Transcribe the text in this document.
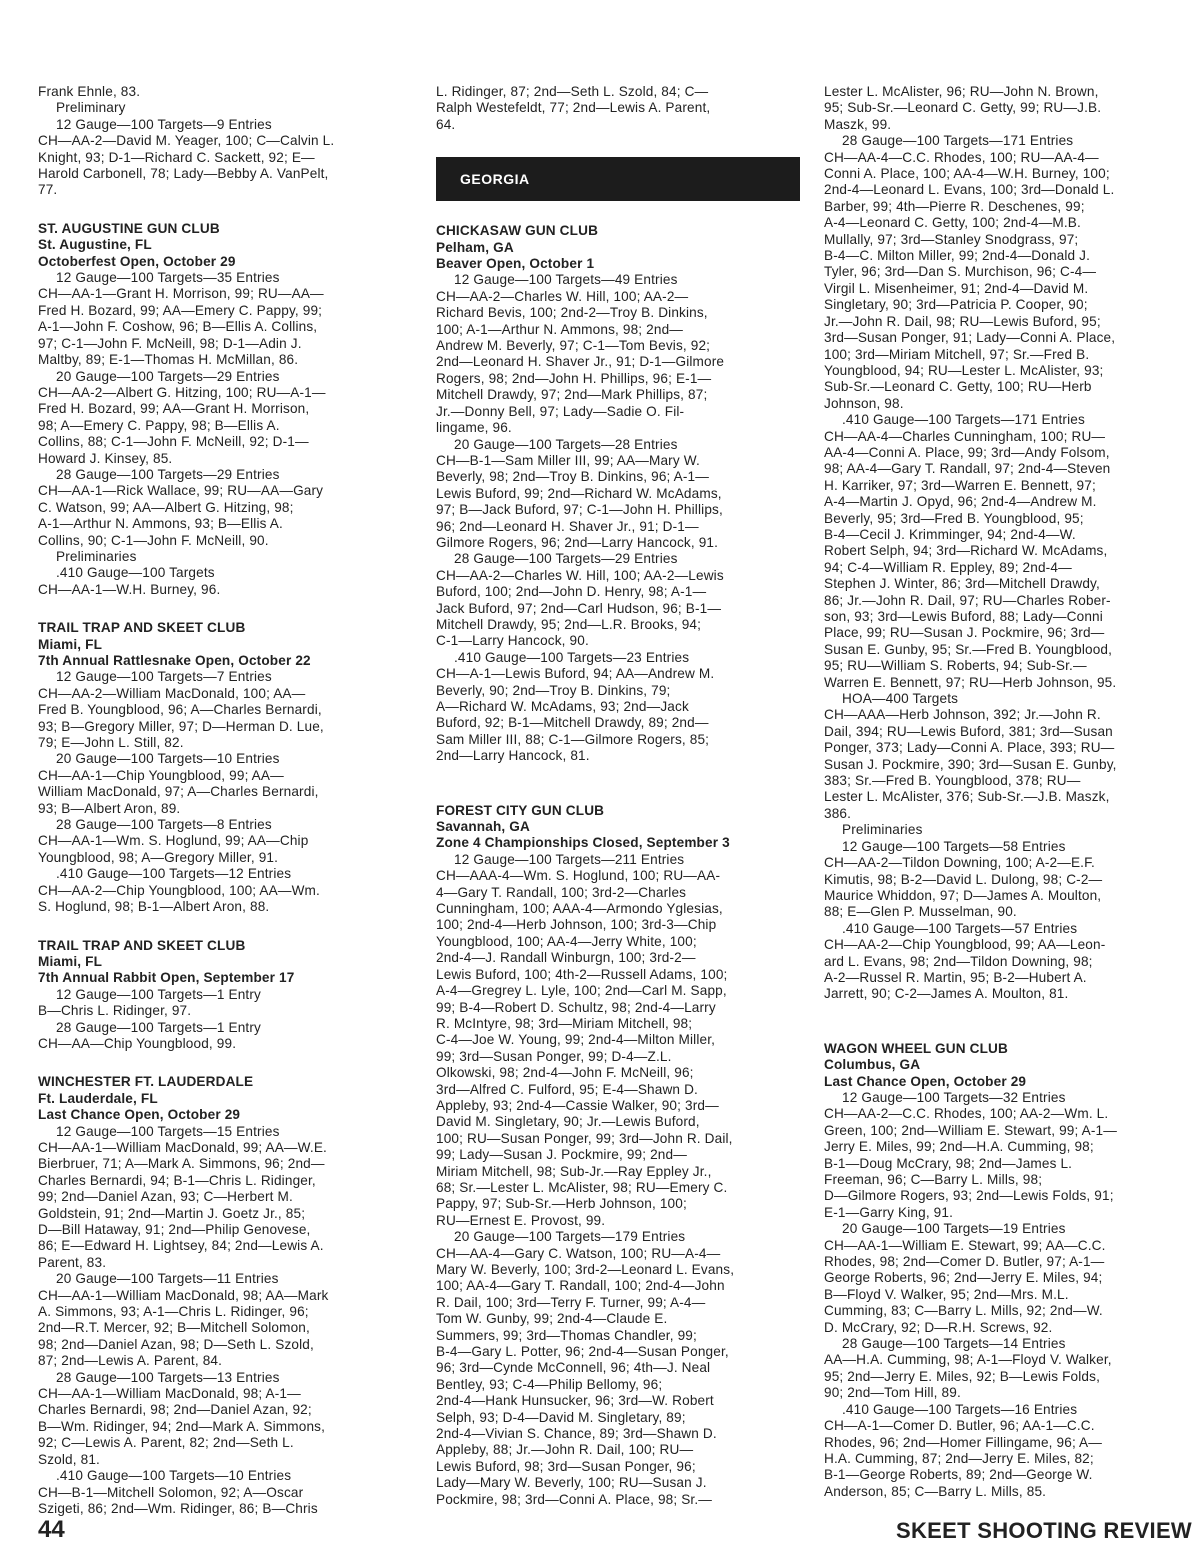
Frank Ehnle, 83.
Preliminary
12 Gauge—100 Targets—9 Entries
CH—AA-2—David M. Yeager, 100; C—Calvin L.
Knight, 93; D-1—Richard C. Sackett, 92; E—
Harold Carbonell, 78; Lady—Bebby A. VanPelt,
77.
ST. AUGUSTINE GUN CLUB
St. Augustine, FL
Octoberfest Open, October 29
12 Gauge—100 Targets—35 Entries
CH—AA-1—Grant H. Morrison, 99; RU—AA—
Fred H. Bozard, 99; AA—Emery C. Pappy, 99;
A-1—John F. Coshow, 96; B—Ellis A. Collins,
97; C-1—John F. McNeill, 98; D-1—Adin J.
Maltby, 89; E-1—Thomas H. McMillan, 86.
20 Gauge—100 Targets—29 Entries
CH—AA-2—Albert G. Hitzing, 100; RU—A-1—
Fred H. Bozard, 99; AA—Grant H. Morrison,
98; A—Emery C. Pappy, 98; B—Ellis A.
Collins, 88; C-1—John F. McNeill, 92; D-1—
Howard J. Kinsey, 85.
28 Gauge—100 Targets—29 Entries
CH—AA-1—Rick Wallace, 99; RU—AA—Gary
C. Watson, 99; AA—Albert G. Hitzing, 98;
A-1—Arthur N. Ammons, 93; B—Ellis A.
Collins, 90; C-1—John F. McNeill, 90.
Preliminaries
.410 Gauge—100 Targets
CH—AA-1—W.H. Burney, 96.
TRAIL TRAP AND SKEET CLUB
Miami, FL
7th Annual Rattlesnake Open, October 22
12 Gauge—100 Targets—7 Entries
CH—AA-2—William MacDonald, 100; AA—
Fred B. Youngblood, 96; A—Charles Bernardi,
93; B—Gregory Miller, 97; D—Herman D. Lue,
79; E—John L. Still, 82.
20 Gauge—100 Targets—10 Entries
CH—AA-1—Chip Youngblood, 99; AA—
William MacDonald, 97; A—Charles Bernardi,
93; B—Albert Aron, 89.
28 Gauge—100 Targets—8 Entries
CH—AA-1—Wm. S. Hoglund, 99; AA—Chip
Youngblood, 98; A—Gregory Miller, 91.
.410 Gauge—100 Targets—12 Entries
CH—AA-2—Chip Youngblood, 100; AA—Wm.
S. Hoglund, 98; B-1—Albert Aron, 88.
TRAIL TRAP AND SKEET CLUB
Miami, FL
7th Annual Rabbit Open, September 17
12 Gauge—100 Targets—1 Entry
B—Chris L. Ridinger, 97.
28 Gauge—100 Targets—1 Entry
CH—AA—Chip Youngblood, 99.
WINCHESTER FT. LAUDERDALE
Ft. Lauderdale, FL
Last Chance Open, October 29
12 Gauge—100 Targets—15 Entries
CH—AA-1—William MacDonald, 99; AA—W.E.
Bierbruer, 71; A—Mark A. Simmons, 96; 2nd—
Charles Bernardi, 94; B-1—Chris L. Ridinger,
99; 2nd—Daniel Azan, 93; C—Herbert M.
Goldstein, 91; 2nd—Martin J. Goetz Jr., 85;
D—Bill Hataway, 91; 2nd—Philip Genovese,
86; E—Edward H. Lightsey, 84; 2nd—Lewis A.
Parent, 83.
20 Gauge—100 Targets—11 Entries
CH—AA-1—William MacDonald, 98; AA—Mark
A. Simmons, 93; A-1—Chris L. Ridinger, 96;
2nd—R.T. Mercer, 92; B—Mitchell Solomon,
98; 2nd—Daniel Azan, 98; D—Seth L. Szold,
87; 2nd—Lewis A. Parent, 84.
28 Gauge—100 Targets—13 Entries
CH—AA-1—William MacDonald, 98; A-1—
Charles Bernardi, 98; 2nd—Daniel Azan, 92;
B—Wm. Ridinger, 94; 2nd—Mark A. Simmons,
92; C—Lewis A. Parent, 82; 2nd—Seth L.
Szold, 81.
.410 Gauge—100 Targets—10 Entries
CH—B-1—Mitchell Solomon, 92; A—Oscar
Szigeti, 86; 2nd—Wm. Ridinger, 86; B—Chris
L. Ridinger, 87; 2nd—Seth L. Szold, 84; C—
Ralph Westefeldt, 77; 2nd—Lewis A. Parent,
64.
GEORGIA
CHICKASAW GUN CLUB
Pelham, GA
Beaver Open, October 1
12 Gauge—100 Targets—49 Entries
CH—AA-2—Charles W. Hill, 100; AA-2—
Richard Bevis, 100; 2nd-2—Troy B. Dinkins,
100; A-1—Arthur N. Ammons, 98; 2nd—
Andrew M. Beverly, 97; C-1—Tom Bevis, 92;
2nd—Leonard H. Shaver Jr., 91; D-1—Gilmore
Rogers, 98; 2nd—John H. Phillips, 96; E-1—
Mitchell Drawdy, 97; 2nd—Mark Phillips, 87;
Jr.—Donny Bell, 97; Lady—Sadie O. Fil-
lingame, 96.
20 Gauge—100 Targets—28 Entries
CH—B-1—Sam Miller III, 99; AA—Mary W.
Beverly, 98; 2nd—Troy B. Dinkins, 96; A-1—
Lewis Buford, 99; 2nd—Richard W. McAdams,
97; B—Jack Buford, 97; C-1—John H. Phillips,
96; 2nd—Leonard H. Shaver Jr., 91; D-1—
Gilmore Rogers, 96; 2nd—Larry Hancock, 91.
28 Gauge—100 Targets—29 Entries
CH—AA-2—Charles W. Hill, 100; AA-2—Lewis
Buford, 100; 2nd—John D. Henry, 98; A-1—
Jack Buford, 97; 2nd—Carl Hudson, 96; B-1—
Mitchell Drawdy, 95; 2nd—L.R. Brooks, 94;
C-1—Larry Hancock, 90.
.410 Gauge—100 Targets—23 Entries
CH—A-1—Lewis Buford, 94; AA—Andrew M.
Beverly, 90; 2nd—Troy B. Dinkins, 79;
A—Richard W. McAdams, 93; 2nd—Jack
Buford, 92; B-1—Mitchell Drawdy, 89; 2nd—
Sam Miller III, 88; C-1—Gilmore Rogers, 85;
2nd—Larry Hancock, 81.
FOREST CITY GUN CLUB
Savannah, GA
Zone 4 Championships Closed, September 3
12 Gauge—100 Targets—211 Entries
CH—AAA-4—Wm. S. Hoglund, 100; RU—AA-
4—Gary T. Randall, 100; 3rd-2—Charles
Cunningham, 100; AAA-4—Armondo Yglesias,
100; 2nd-4—Herb Johnson, 100; 3rd-3—Chip
Youngblood, 100; AA-4—Jerry White, 100;
2nd-4—J. Randall Winburgn, 100; 3rd-2—
Lewis Buford, 100; 4th-2—Russell Adams, 100;
A-4—Gregrey L. Lyle, 100; 2nd—Carl M. Sapp,
99; B-4—Robert D. Schultz, 98; 2nd-4—Larry
R. McIntyre, 98; 3rd—Miriam Mitchell, 98;
C-4—Joe W. Young, 99; 2nd-4—Milton Miller,
99; 3rd—Susan Ponger, 99; D-4—Z.L.
Olkowski, 98; 2nd-4—John F. McNeill, 96;
3rd—Alfred C. Fulford, 95; E-4—Shawn D.
Appleby, 93; 2nd-4—Cassie Walker, 90; 3rd—
David M. Singletary, 90; Jr.—Lewis Buford,
100; RU—Susan Ponger, 99; 3rd—John R. Dail,
99; Lady—Susan J. Pockmire, 99; 2nd—
Miriam Mitchell, 98; Sub-Jr.—Ray Eppley Jr.,
68; Sr.—Lester L. McAlister, 98; RU—Emery C.
Pappy, 97; Sub-Sr.—Herb Johnson, 100;
RU—Ernest E. Provost, 99.
20 Gauge—100 Targets—179 Entries
CH—AA-4—Gary C. Watson, 100; RU—A-4—
Mary W. Beverly, 100; 3rd-2—Leonard L. Evans,
100; AA-4—Gary T. Randall, 100; 2nd-4—John
R. Dail, 100; 3rd—Terry F. Turner, 99; A-4—
Tom W. Gunby, 99; 2nd-4—Claude E.
Summers, 99; 3rd—Thomas Chandler, 99;
B-4—Gary L. Potter, 96; 2nd-4—Susan Ponger,
96; 3rd—Cynde McConnell, 96; 4th—J. Neal
Bentley, 93; C-4—Philip Bellomy, 96;
2nd-4—Hank Hunsucker, 96; 3rd—W. Robert
Selph, 93; D-4—David M. Singletary, 89;
2nd-4—Vivian S. Chance, 89; 3rd—Shawn D.
Appleby, 88; Jr.—John R. Dail, 100; RU—
Lewis Buford, 98; 3rd—Susan Ponger, 96;
Lady—Mary W. Beverly, 100; RU—Susan J.
Pockmire, 98; 3rd—Conni A. Place, 98; Sr.—
Lester L. McAlister, 96; RU—John N. Brown,
95; Sub-Sr.—Leonard C. Getty, 99; RU—J.B.
Maszk, 99.
28 Gauge—100 Targets—171 Entries
CH—AA-4—C.C. Rhodes, 100; RU—AA-4—
Conni A. Place, 100; AA-4—W.H. Burney, 100;
2nd-4—Leonard L. Evans, 100; 3rd—Donald L.
Barber, 99; 4th—Pierre R. Deschenes, 99;
A-4—Leonard C. Getty, 100; 2nd-4—M.B.
Mullally, 97; 3rd—Stanley Snodgrass, 97;
B-4—C. Milton Miller, 99; 2nd-4—Donald J.
Tyler, 96; 3rd—Dan S. Murchison, 96; C-4—
Virgil L. Misenheimer, 91; 2nd-4—David M.
Singletary, 90; 3rd—Patricia P. Cooper, 90;
Jr.—John R. Dail, 98; RU—Lewis Buford, 95;
3rd—Susan Ponger, 91; Lady—Conni A. Place,
100; 3rd—Miriam Mitchell, 97; Sr.—Fred B.
Youngblood, 94; RU—Lester L. McAlister, 93;
Sub-Sr.—Leonard C. Getty, 100; RU—Herb
Johnson, 98.
.410 Gauge—100 Targets—171 Entries
CH—AA-4—Charles Cunningham, 100; RU—
AA-4—Conni A. Place, 99; 3rd—Andy Folsom,
98; AA-4—Gary T. Randall, 97; 2nd-4—Steven
H. Karriker, 97; 3rd—Warren E. Bennett, 97;
A-4—Martin J. Opyd, 96; 2nd-4—Andrew M.
Beverly, 95; 3rd—Fred B. Youngblood, 95;
B-4—Cecil J. Krimminger, 94; 2nd-4—W.
Robert Selph, 94; 3rd—Richard W. McAdams,
94; C-4—William R. Eppley, 89; 2nd-4—
Stephen J. Winter, 86; 3rd—Mitchell Drawdy,
86; Jr.—John R. Dail, 97; RU—Charles Rober-
son, 93; 3rd—Lewis Buford, 88; Lady—Conni
Place, 99; RU—Susan J. Pockmire, 96; 3rd—
Susan E. Gunby, 95; Sr.—Fred B. Youngblood,
95; RU—William S. Roberts, 94; Sub-Sr.—
Warren E. Bennett, 97; RU—Herb Johnson, 95.
HOA—400 Targets
CH—AAA—Herb Johnson, 392; Jr.—John R.
Dail, 394; RU—Lewis Buford, 381; 3rd—Susan
Ponger, 373; Lady—Conni A. Place, 393; RU—
Susan J. Pockmire, 390; 3rd—Susan E. Gunby,
383; Sr.—Fred B. Youngblood, 378; RU—
Lester L. McAlister, 376; Sub-Sr.—J.B. Maszk,
386.
Preliminaries
12 Gauge—100 Targets—58 Entries
CH—AA-2—Tildon Downing, 100; A-2—E.F.
Kimutis, 98; B-2—David L. Dulong, 98; C-2—
Maurice Whiddon, 97; D—James A. Moulton,
88; E—Glen P. Musselman, 90.
.410 Gauge—100 Targets—57 Entries
CH—AA-2—Chip Youngblood, 99; AA—Leon-
ard L. Evans, 98; 2nd—Tildon Downing, 98;
A-2—Russel R. Martin, 95; B-2—Hubert A.
Jarrett, 90; C-2—James A. Moulton, 81.
WAGON WHEEL GUN CLUB
Columbus, GA
Last Chance Open, October 29
12 Gauge—100 Targets—32 Entries
CH—AA-2—C.C. Rhodes, 100; AA-2—Wm. L.
Green, 100; 2nd—William E. Stewart, 99; A-1—
Jerry E. Miles, 99; 2nd—H.A. Cumming, 98;
B-1—Doug McCrary, 98; 2nd—James L.
Freeman, 96; C—Barry L. Mills, 98;
D—Gilmore Rogers, 93; 2nd—Lewis Folds, 91;
E-1—Garry King, 91.
20 Gauge—100 Targets—19 Entries
CH—AA-1—William E. Stewart, 99; AA—C.C.
Rhodes, 98; 2nd—Comer D. Butler, 97; A-1—
George Roberts, 96; 2nd—Jerry E. Miles, 94;
B—Floyd V. Walker, 95; 2nd—Mrs. M.L.
Cumming, 83; C—Barry L. Mills, 92; 2nd—W.
D. McCrary, 92; D—R.H. Screws, 92.
28 Gauge—100 Targets—14 Entries
AA—H.A. Cumming, 98; A-1—Floyd V. Walker,
95; 2nd—Jerry E. Miles, 92; B—Lewis Folds,
90; 2nd—Tom Hill, 89.
.410 Gauge—100 Targets—16 Entries
CH—A-1—Comer D. Butler, 96; AA-1—C.C.
Rhodes, 96; 2nd—Homer Fillingame, 96; A—
H.A. Cumming, 87; 2nd—Jerry E. Miles, 82;
B-1—George Roberts, 89; 2nd—George W.
Anderson, 85; C—Barry L. Mills, 85.
44	SKEET SHOOTING REVIEW
